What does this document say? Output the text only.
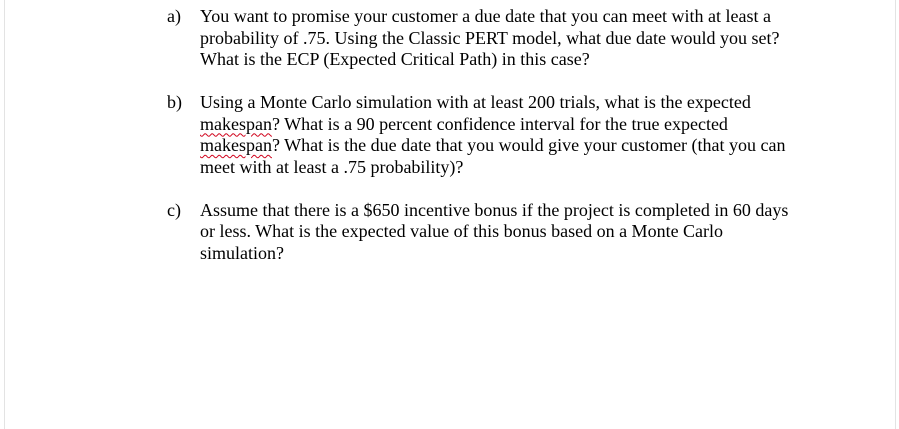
a)	You want to promise your customer a due date that you can meet with at least a
probability of .75. Using the Classic PERT model, what due date would you set?
What is the ECP (Expected Critical Path) in this case?
b)	Using a Monte Carlo simulation with at least 200 trials, what is the expected
makespan? What is a 90 percent confidence interval for the true expected
makespan? What is the due date that you would give your customer (that you can
meet with at least a .75 probability)?
c)	Assume that there is a $650 incentive bonus if the project is completed in 60 days
or less. What is the expected value of this bonus based on a Monte Carlo
simulation?
